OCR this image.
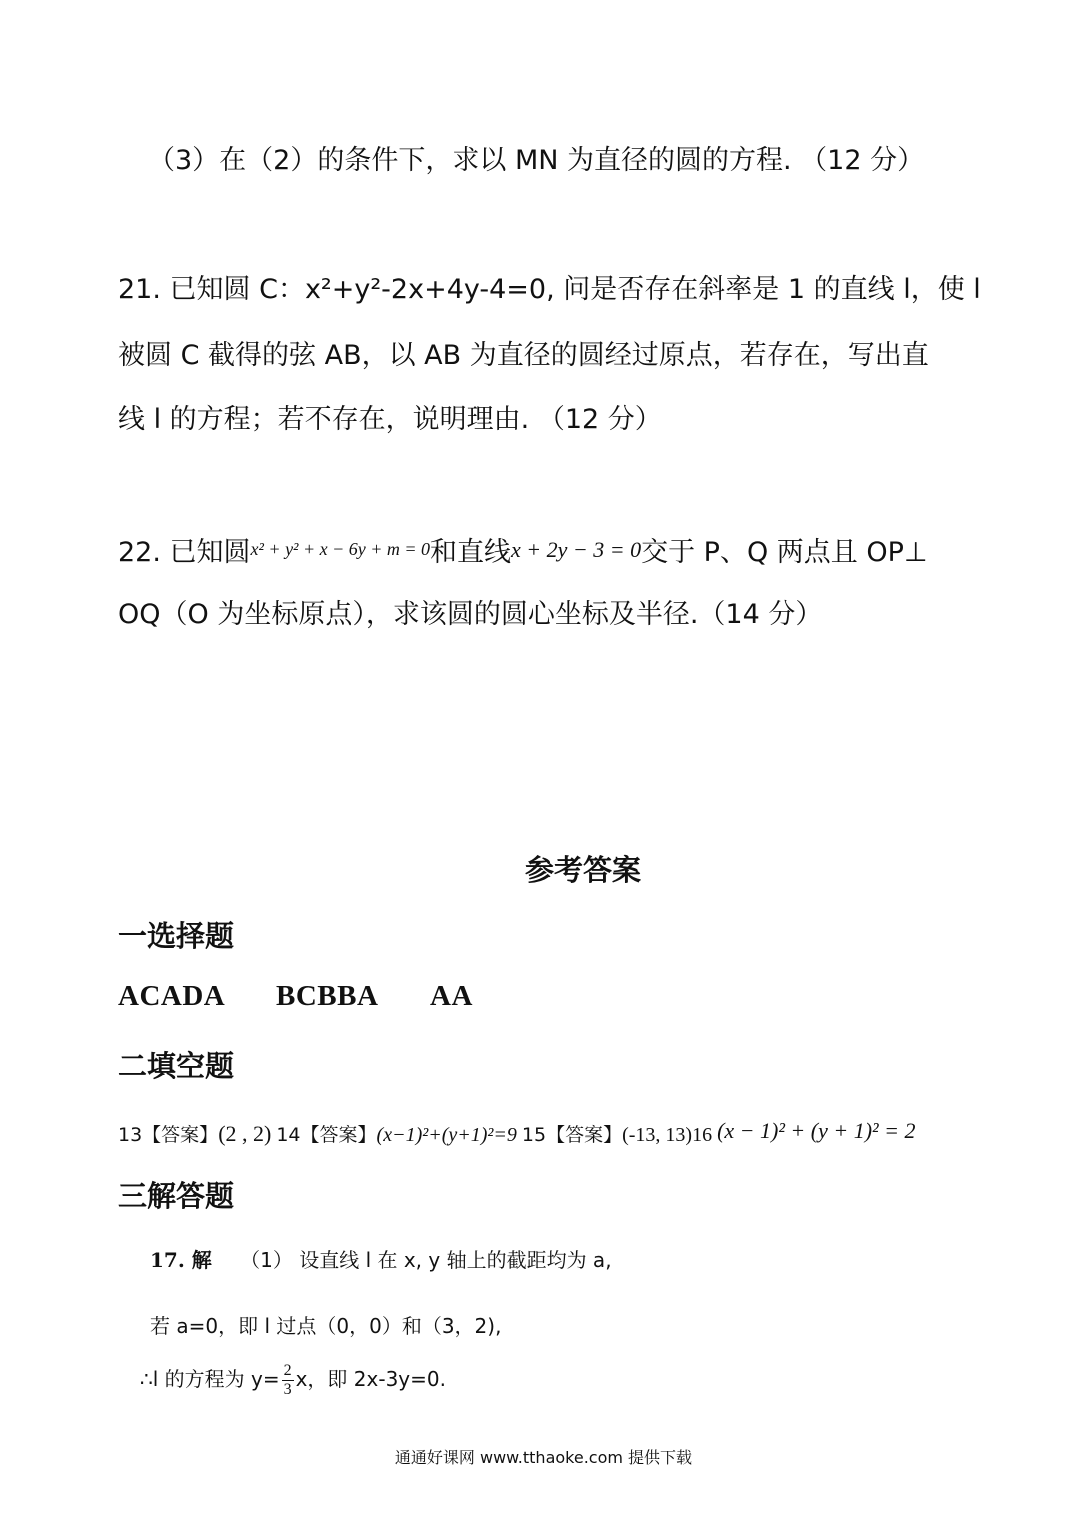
（3）在（2）的条件下，求以 MN 为直径的圆的方程. （12 分）
21. 已知圆 C：x²+y²-2x+4y-4=0, 问是否存在斜率是 1 的直线 l，使 l
被圆 C 截得的弦 AB，以 AB 为直径的圆经过原点，若存在，写出直
线 l 的方程；若不存在，说明理由. （12 分）
22. 已知圆$^{x^2 + y^2 + x - 6y + m = 0}$和直线x + 2y − 3 = 0交于 P、Q 两点且 OP⊥
OQ（O 为坐标原点），求该圆的圆心坐标及半径.（14 分）
参考答案
一选择题
ACADA BCBBA AA
二填空题
13【答案】(2 , 2) 14【答案】(x−1)²+(y+1)²=9 15【答案】(-13, 13)16 (x − 1)² + (y + 1)² = 2
三解答题
17. 解 （1） 设直线 l 在 x, y 轴上的截距均为 a,
若 a=0，即 l 过点（0，0）和（3，2),
∴l 的方程为 $y= \frac{2}{3}$ x，即 2x-3y=0.
通通好课网 www.tthaoke.com 提供下载
